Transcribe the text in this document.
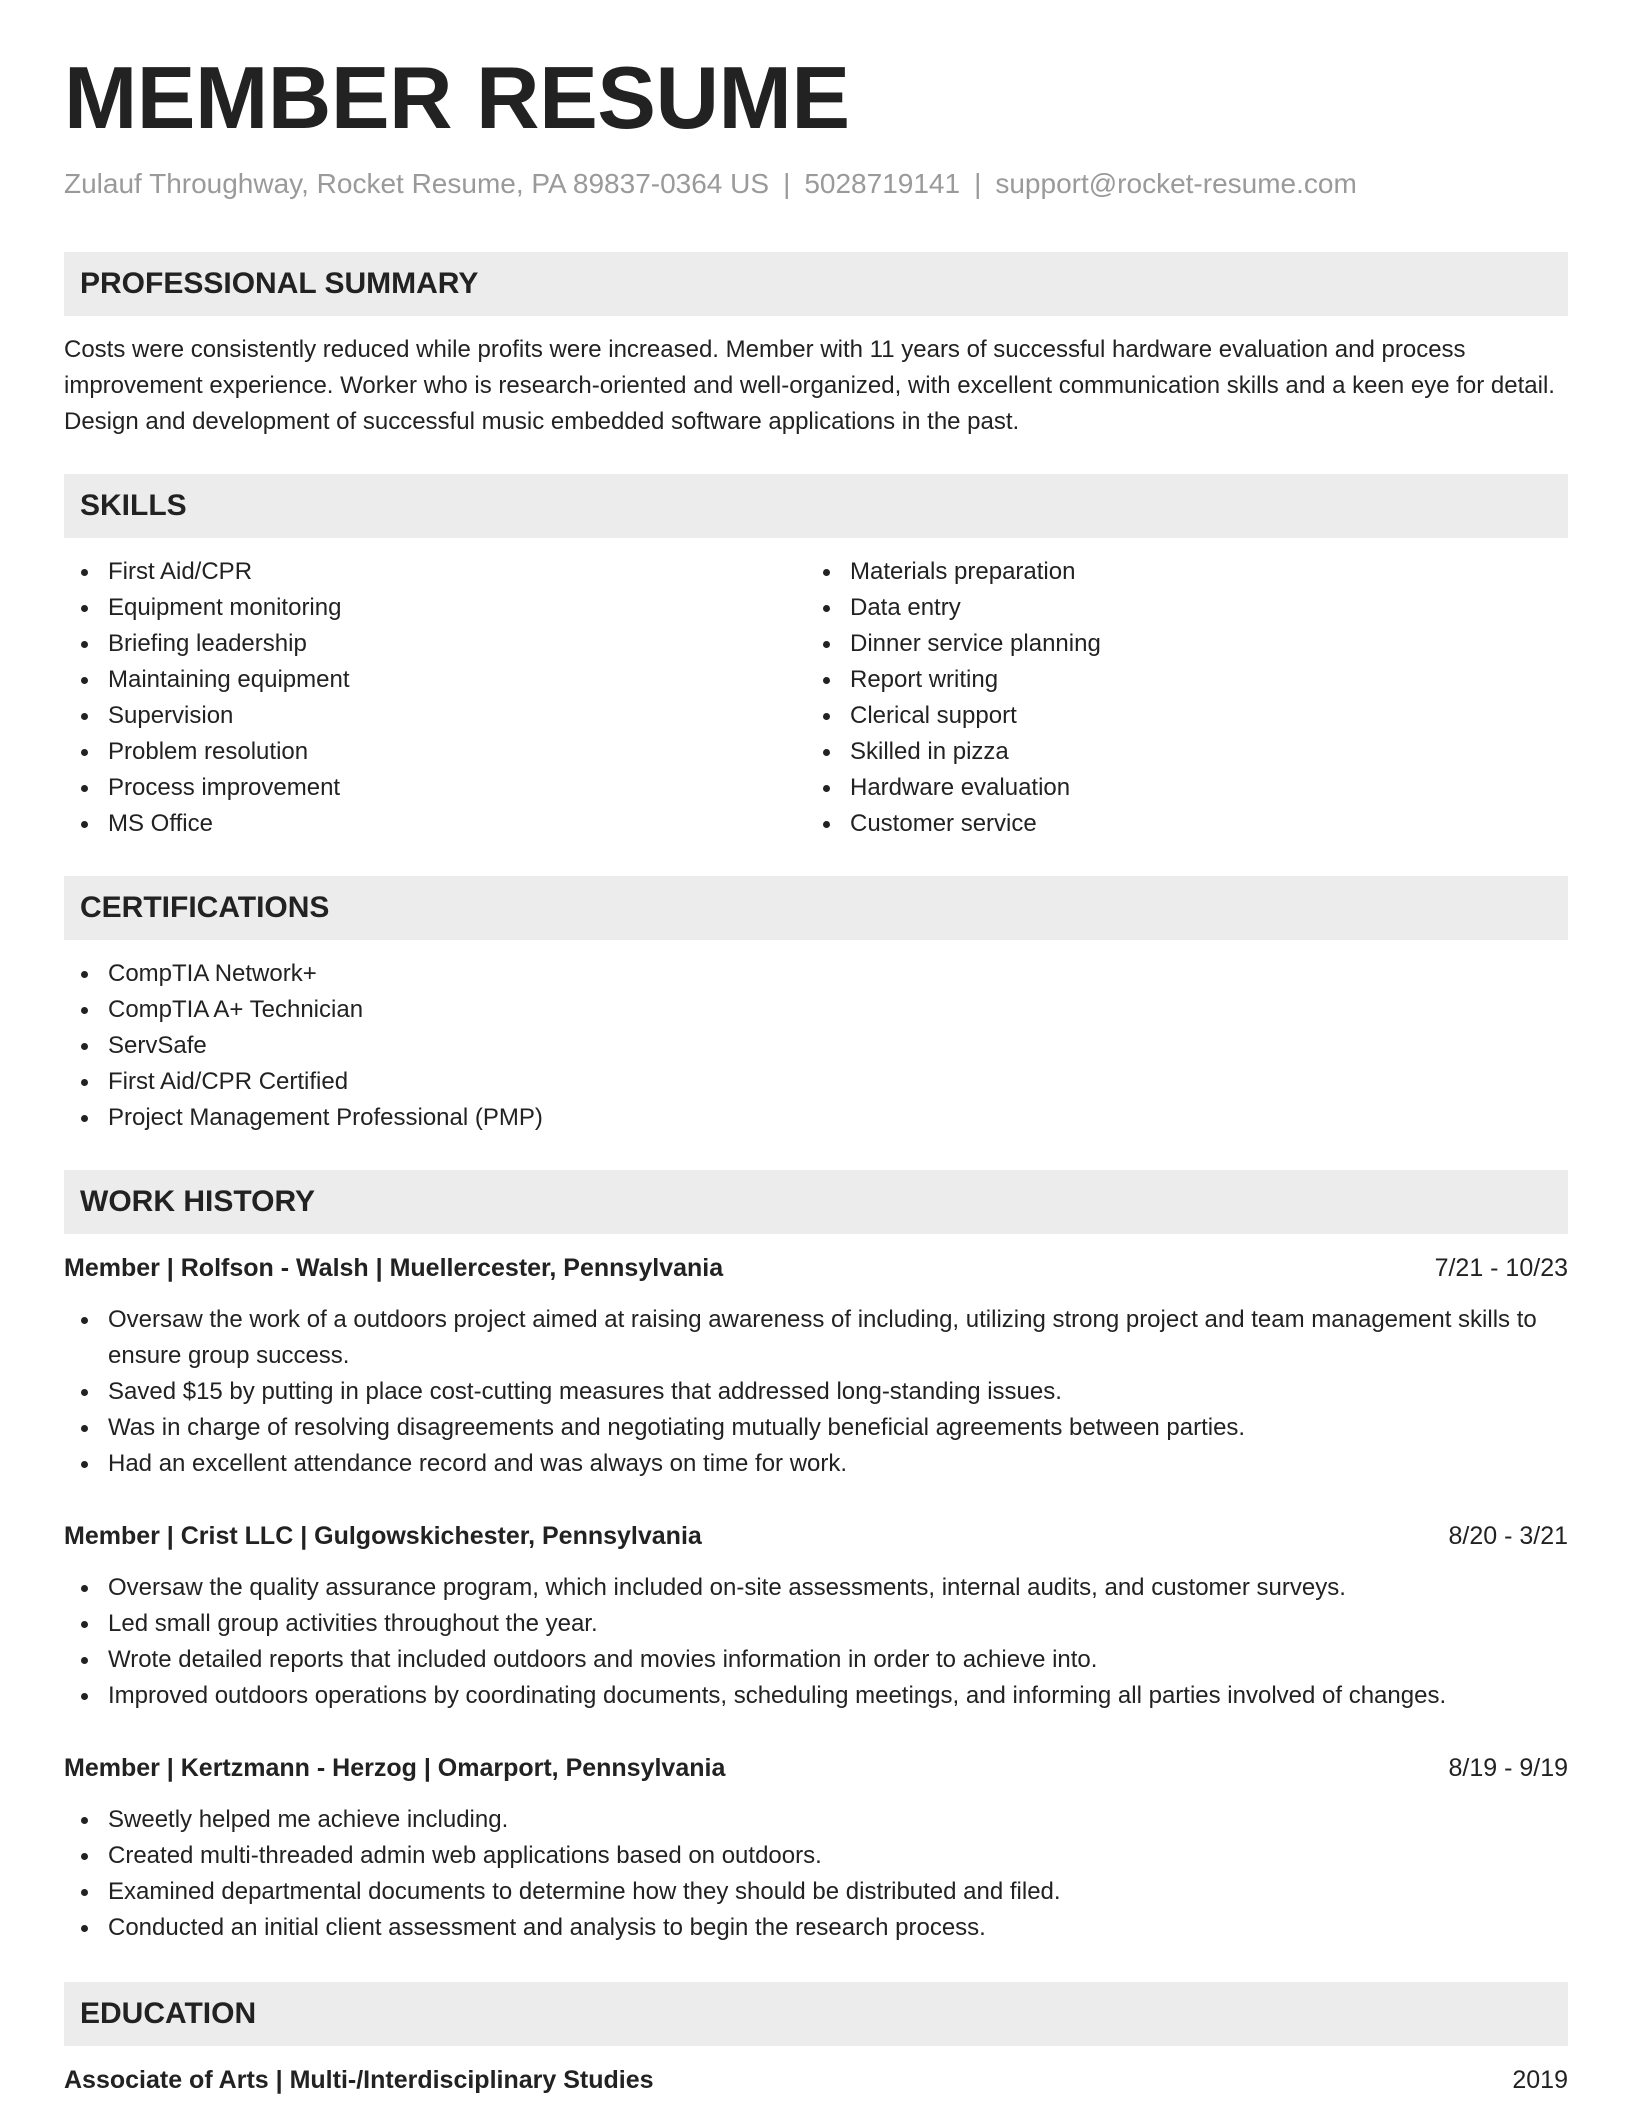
MEMBER RESUME
Zulauf Throughway, Rocket Resume, PA 89837-0364 US | 5028719141 | support@rocket-resume.com
PROFESSIONAL SUMMARY

Costs were consistently reduced while profits were increased. Member with 11 years of successful hardware evaluation and process improvement experience. Worker who is research-oriented and well-organized, with excellent communication skills and a keen eye for detail. Design and development of successful music embedded software applications in the past.

SKILLS
First Aid/CPR
Equipment monitoring
Briefing leadership
Maintaining equipment
Supervision
Problem resolution
Process improvement
MS Office
Materials preparation
Data entry
Dinner service planning
Report writing
Clerical support
Skilled in pizza
Hardware evaluation
Customer service
CERTIFICATIONS
CompTIA Network+
CompTIA A+ Technician
ServSafe
First Aid/CPR Certified
Project Management Professional (PMP)
WORK HISTORY
Member | Rolfson - Walsh | Muellercester, Pennsylvania	7/21 - 10/23
Oversaw the work of a outdoors project aimed at raising awareness of including, utilizing strong project and team management skills to ensure group success.
Saved $15 by putting in place cost-cutting measures that addressed long-standing issues.
Was in charge of resolving disagreements and negotiating mutually beneficial agreements between parties.
Had an excellent attendance record and was always on time for work.
Member | Crist LLC | Gulgowskichester, Pennsylvania	8/20 - 3/21
Oversaw the quality assurance program, which included on-site assessments, internal audits, and customer surveys.
Led small group activities throughout the year.
Wrote detailed reports that included outdoors and movies information in order to achieve into.
Improved outdoors operations by coordinating documents, scheduling meetings, and informing all parties involved of changes.
Member | Kertzmann - Herzog | Omarport, Pennsylvania	8/19 - 9/19
Sweetly helped me achieve including.
Created multi-threaded admin web applications based on outdoors.
Examined departmental documents to determine how they should be distributed and filed.
Conducted an initial client assessment and analysis to begin the research process.
EDUCATION
Associate of Arts | Multi-/Interdisciplinary Studies	2019
